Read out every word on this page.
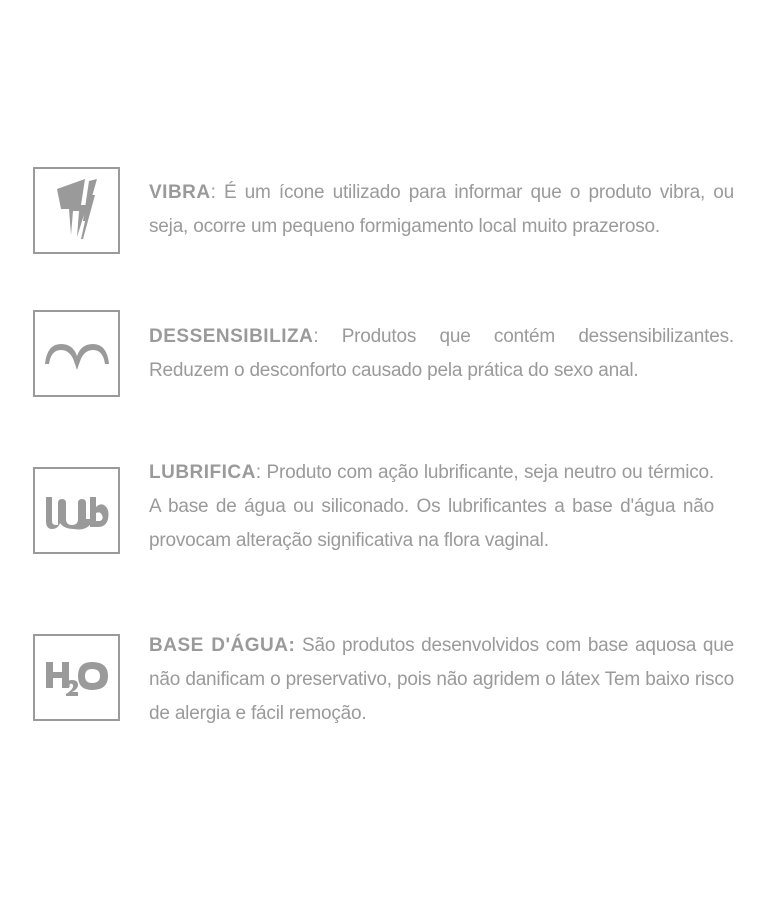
VIBRA: É um ícone utilizado para informar que o produto vibra, ou seja, ocorre um pequeno formigamento local muito prazeroso.
DESSENSIBILIZA: Produtos que contém dessensibilizantes. Reduzem o desconforto causado pela prática do sexo anal.
LUBRIFICA: Produto com ação lubrificante, seja neutro ou térmico. A base de água ou siliconado. Os lubrificantes a base d'água não provocam alteração significativa na flora vaginal.
BASE D'ÁGUA: São produtos desenvolvidos com base aquosa que não danificam o preservativo, pois não agridem o látex Tem baixo risco de alergia e fácil remoção.
